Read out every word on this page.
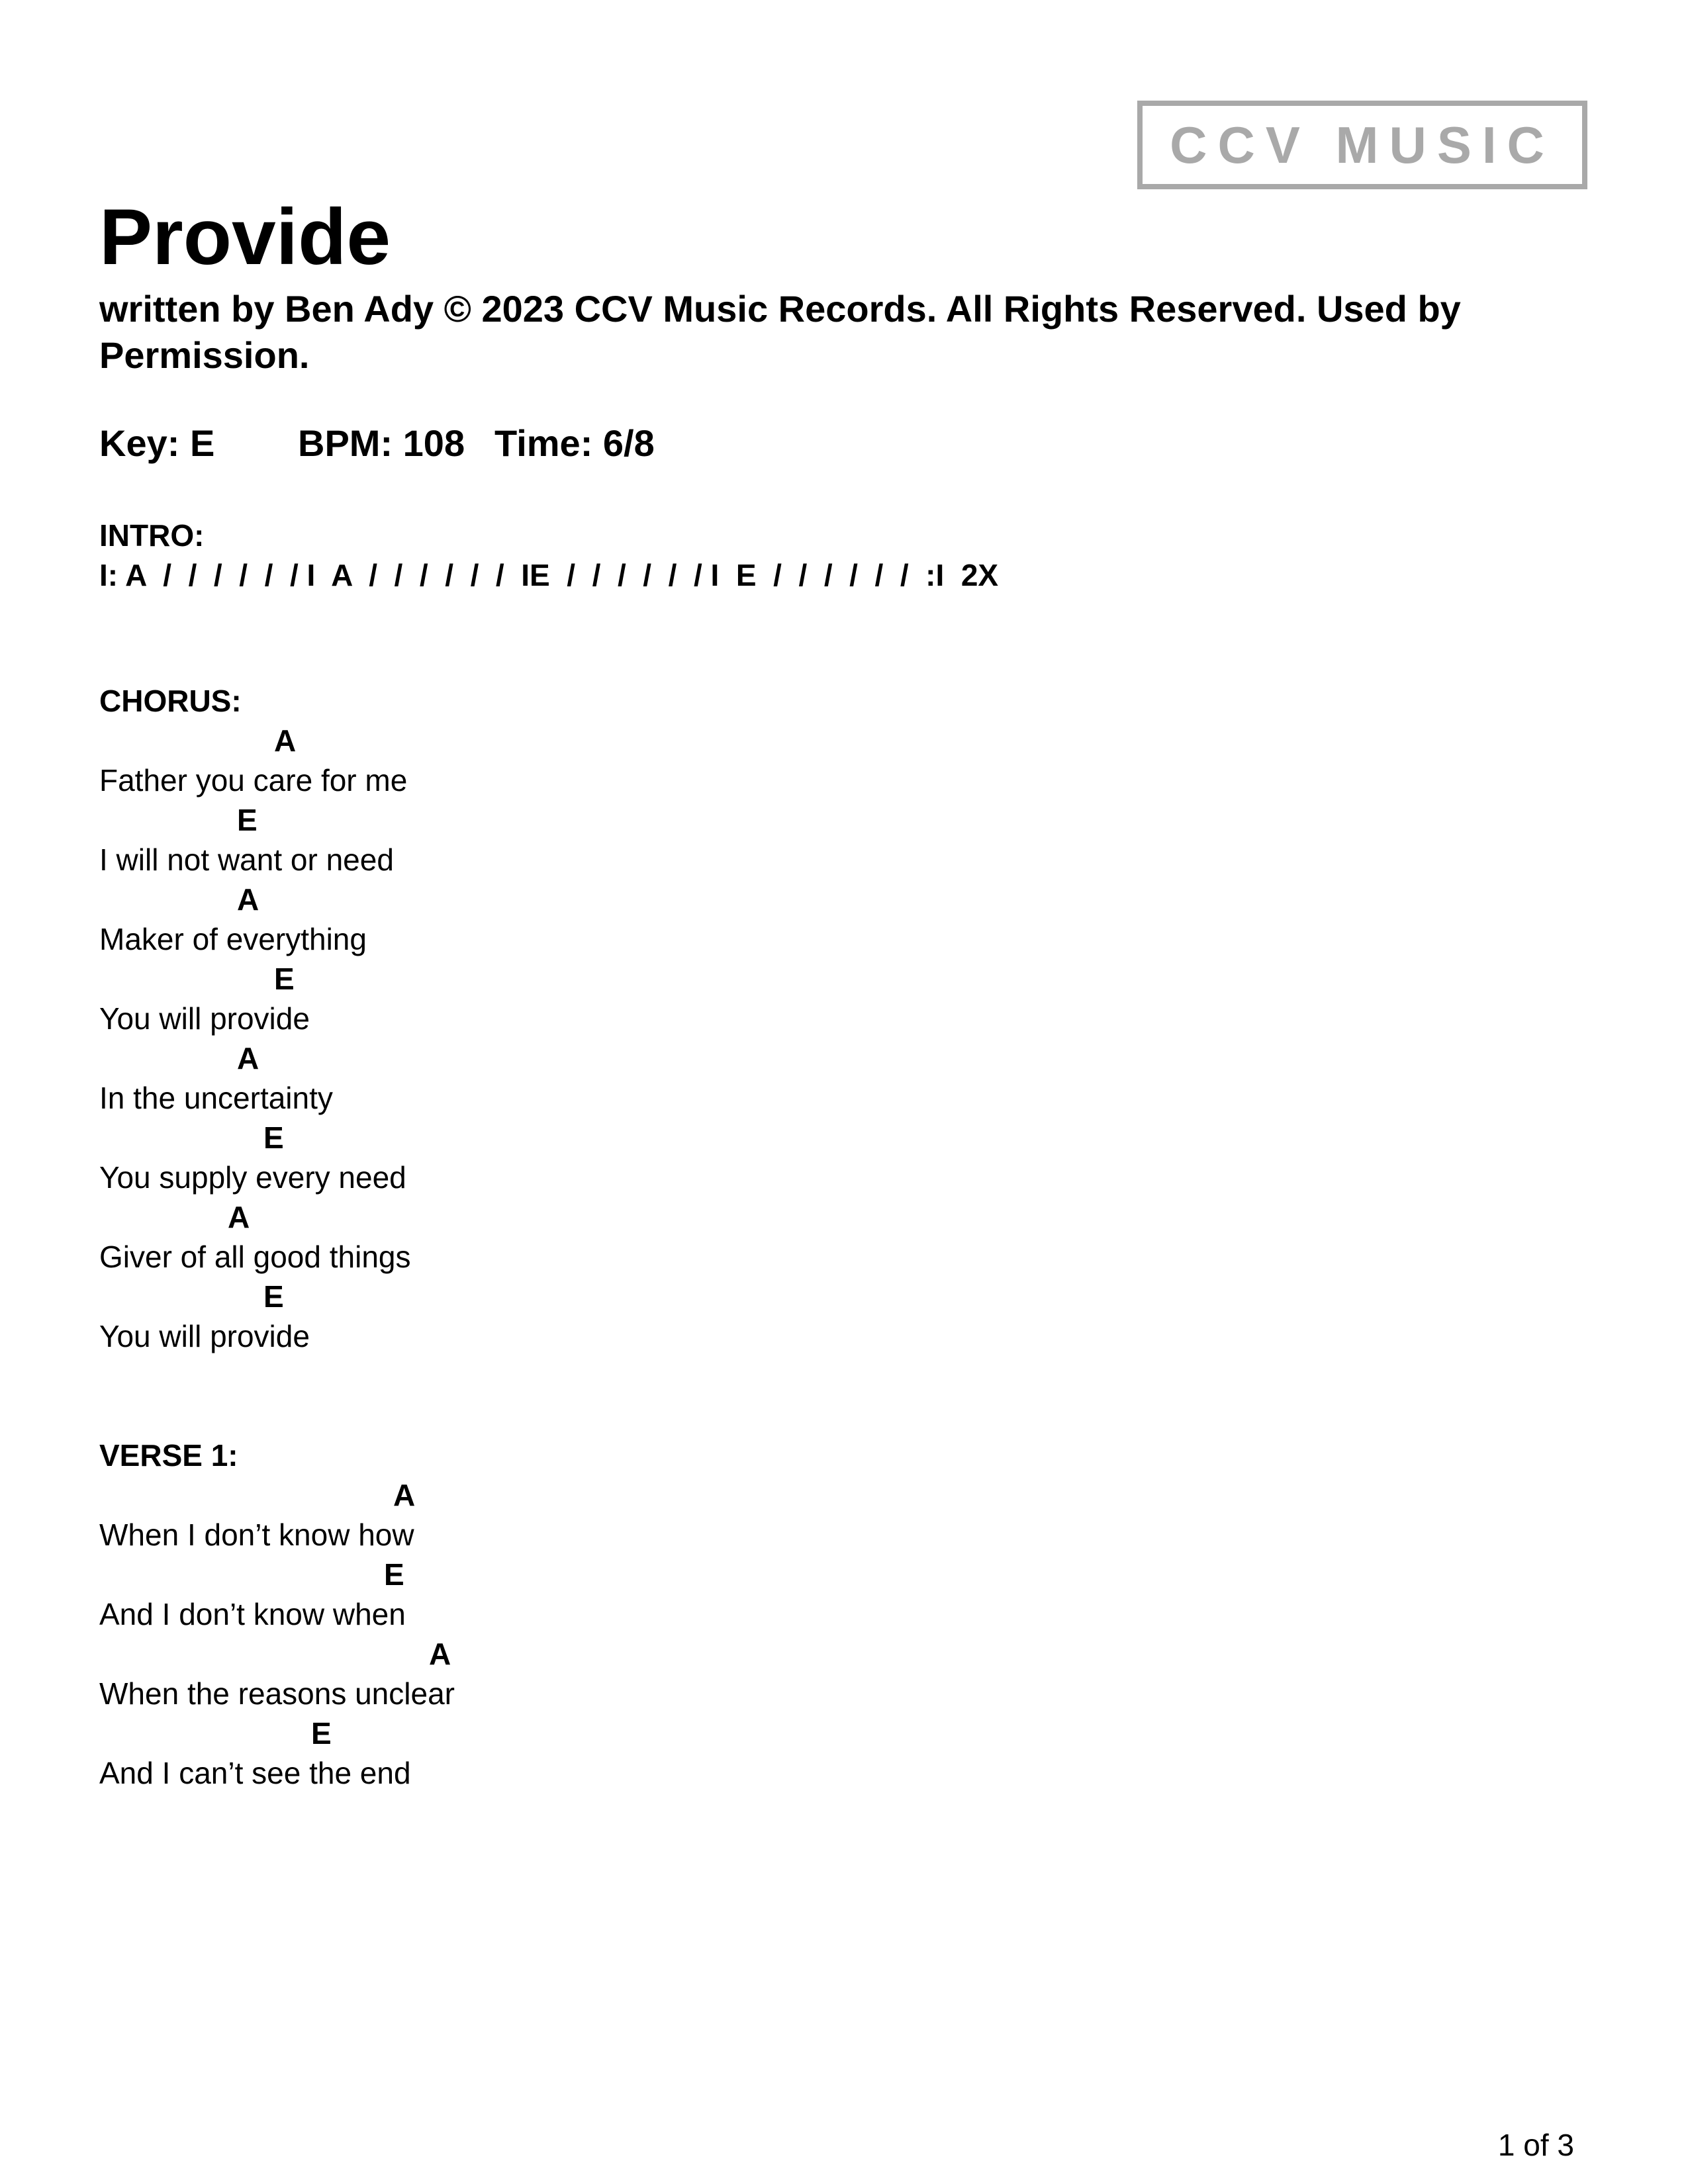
CCV MUSIC
Provide
written by Ben Ady © 2023 CCV Music Records. All Rights Reserved. Used by Permission.
Key: E BPM: 108 Time: 6/8
INTRO:
I: A  /  /  /  /  /  / I  A  /  /  /  /  /  /  IE  /  /  /  /  /  / I  E  /  /  /  /  /  /  :I  2X
CHORUS:
A
Father you care for me
E
I will not want or need
A
Maker of everything
E
You will provide
A
In the uncertainty
E
You supply every need
A
Giver of all good things
E
You will provide
VERSE 1:
A
When I don’t know how
E
And I don’t know when
A
When the reasons unclear
E
And I can’t see the end
1 of 3
